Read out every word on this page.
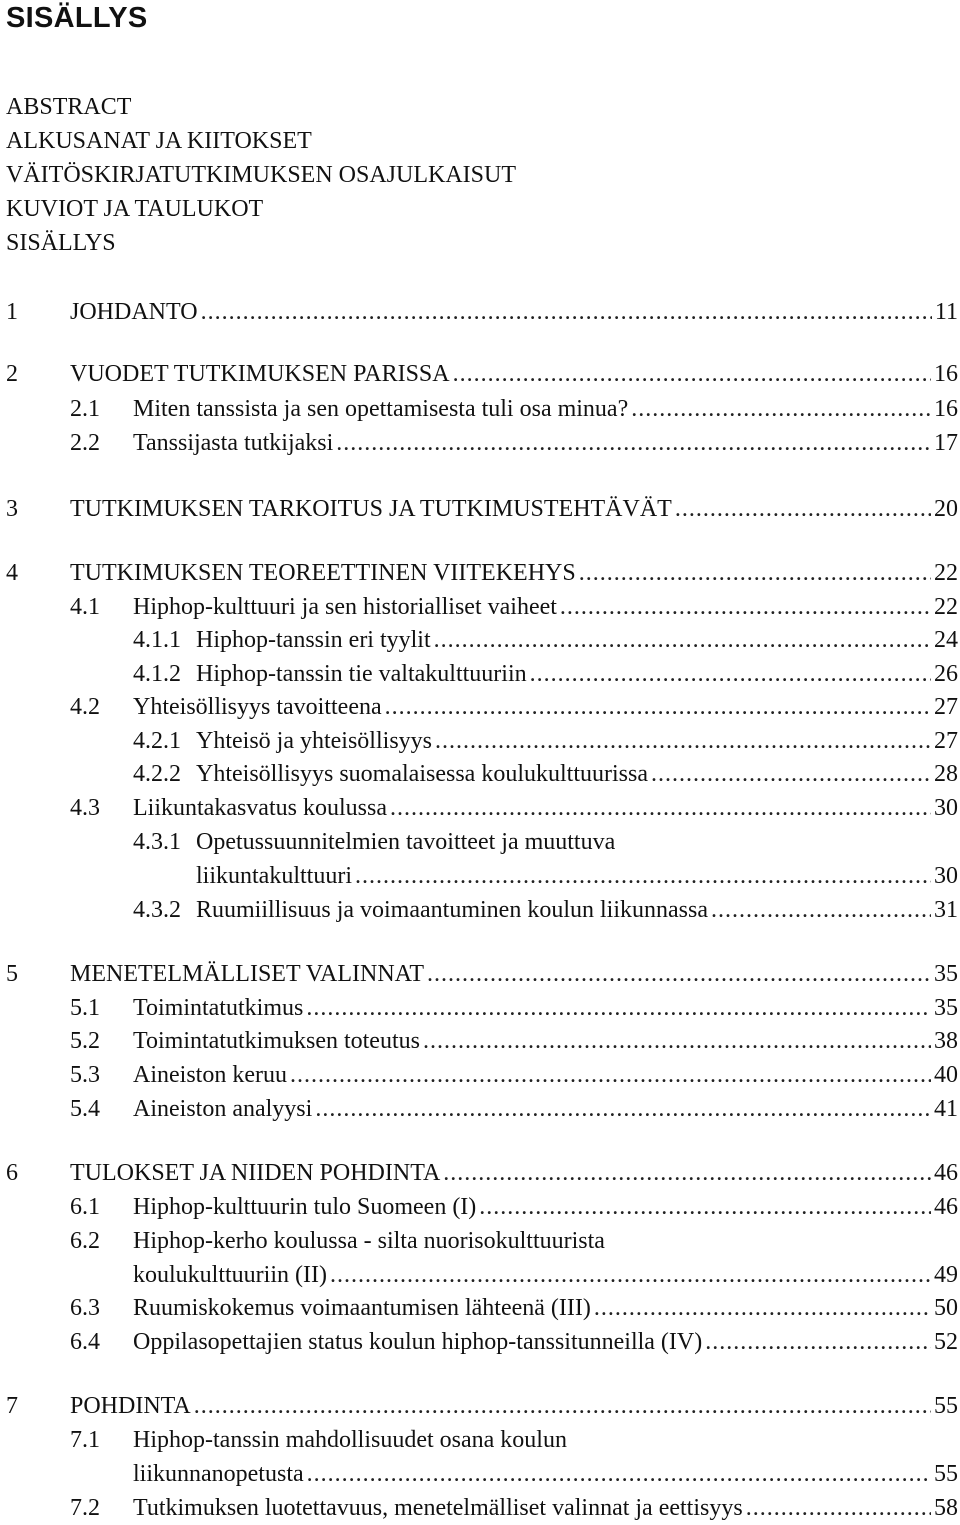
SISÄLLYS
ABSTRACT
ALKUSANAT JA KIITOKSET
VÄITÖSKIRJATUTKIMUKSEN OSAJULKAISUT
KUVIOT JA TAULUKOT
SISÄLLYS
1 JOHDANTO .....	11
2 VUODET TUTKIMUKSEN PARISSA .....	16
2.1 Miten tanssista ja sen opettamisesta tuli osa minua? .....	16
2.2 Tanssijasta tutkijaksi .....	17
3 TUTKIMUKSEN TARKOITUS JA TUTKIMUSTEHTÄVÄT .....	20
4 TUTKIMUKSEN TEOREETTINEN VIITEKEHYS .....	22
4.1 Hiphop-kulttuuri ja sen historialliset vaiheet .....	22
4.1.1 Hiphop-tanssin eri tyylit .....	24
4.1.2 Hiphop-tanssin tie valtakulttuuriin .....	26
4.2 Yhteisöllisyys tavoitteena .....	27
4.2.1 Yhteisö ja yhteisöllisyys .....	27
4.2.2 Yhteisöllisyys suomalaisessa koulukulttuurissa .....	28
4.3 Liikuntakasvatus koulussa .....	30
4.3.1 Opetussuunnitelmien tavoitteet ja muuttuva
liikuntakulttuuri .....	30
4.3.2 Ruumiillisuus ja voimaantuminen koulun liikunnassa .....	31
5 MENETELMÄLLISET VALINNAT .....	35
5.1 Toimintatutkimus .....	35
5.2 Toimintatutkimuksen toteutus .....	38
5.3 Aineiston keruu .....	40
5.4 Aineiston analyysi .....	41
6 TULOKSET JA NIIDEN POHDINTA .....	46
6.1 Hiphop-kulttuurin tulo Suomeen (I) .....	46
6.2 Hiphop-kerho koulussa - silta nuorisokulttuurista
koulukulttuuriin (II) .....	49
6.3 Ruumiskokemus voimaantumisen lähteenä (III) .....	50
6.4 Oppilasopettajien status koulun hiphop-tanssitunneilla (IV) .....	52
7 POHDINTA .....	55
7.1 Hiphop-tanssin mahdollisuudet osana koulun
liikunnanopetusta .....	55
7.2 Tutkimuksen luotettavuus, menetelmälliset valinnat ja eettisyys .....	58
